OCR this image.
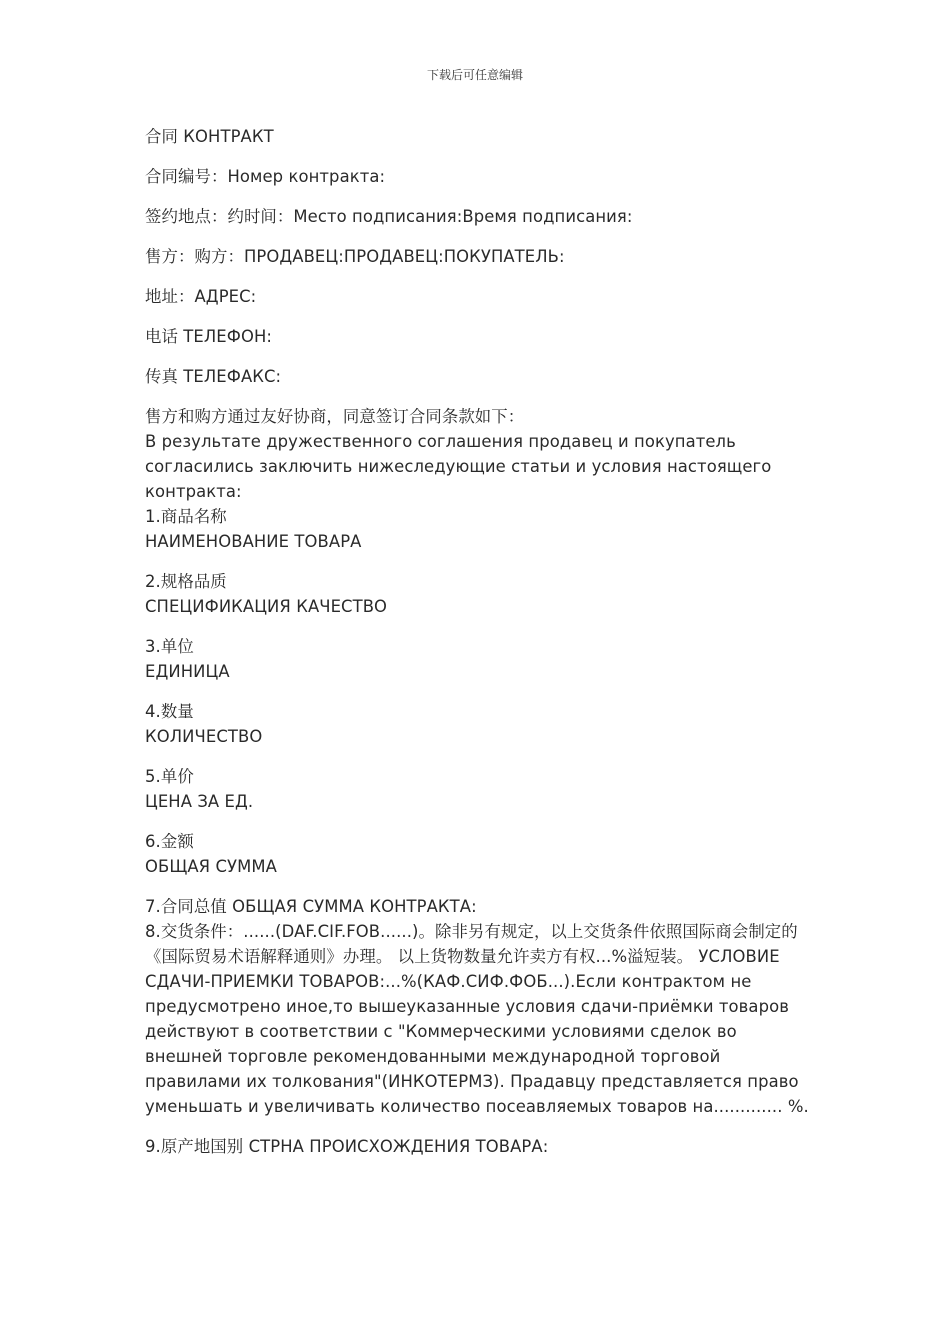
下载后可任意编辑

合同 КОНТРАКТ

合同编号：Номер контракта:

签约地点：约时间：Место подписания:Время подписания:

售方：购方：ПРОДАВЕЦ:ПРОДАВЕЦ:ПОКУПАТЕЛЬ:

地址：АДРЕС:

电话 ТЕЛЕФОН:

传真 ТЕЛЕФАКС:

售方和购方通过友好协商，同意签订合同条款如下：

В результате дружественного соглашения продавец и покупатель согласились заключить нижеследующие статьи и условия настоящего контракта:

1.商品名称

НАИМЕНОВАНИЕ ТОВАРА

2.规格品质

СПЕЦИФИКАЦИЯ КАЧЕСТВО

3.单位

ЕДИНИЦА

4.数量

КОЛИЧЕСТВО

5.单价

ЦЕНА ЗА ЕД.

6.金额

ОБЩАЯ СУММА

7.合同总值 ОБЩАЯ СУММА КОНТРАКТА:

8.交货条件：......(DAF.CIF.FOB......)。除非另有规定，以上交货条件依照国际商会制定的《国际贸易术语解释通则》办理。 以上货物数量允许卖方有权...%溢短装。 УСЛОВИЕ СДАЧИ-ПРИЕМКИ ТОВАРОВ:...%(КАФ.СИФ.ФОБ...).Если контрактом не предусмотрено иное,то вышеуказанные условия сдачи-приёмки товаров действуют в соответствии с "Коммерческими условиями сделок во внешней торговле рекомендованными международной торговой правилами их толкования"(ИНКОТЕРМЗ). Прадавцу представляется право уменьшать и увеличивать количество посеавляемых товаров на............. %.

9.原产地国别 СТРНА ПРОИСХОЖДЕНИЯ ТОВАРА:
